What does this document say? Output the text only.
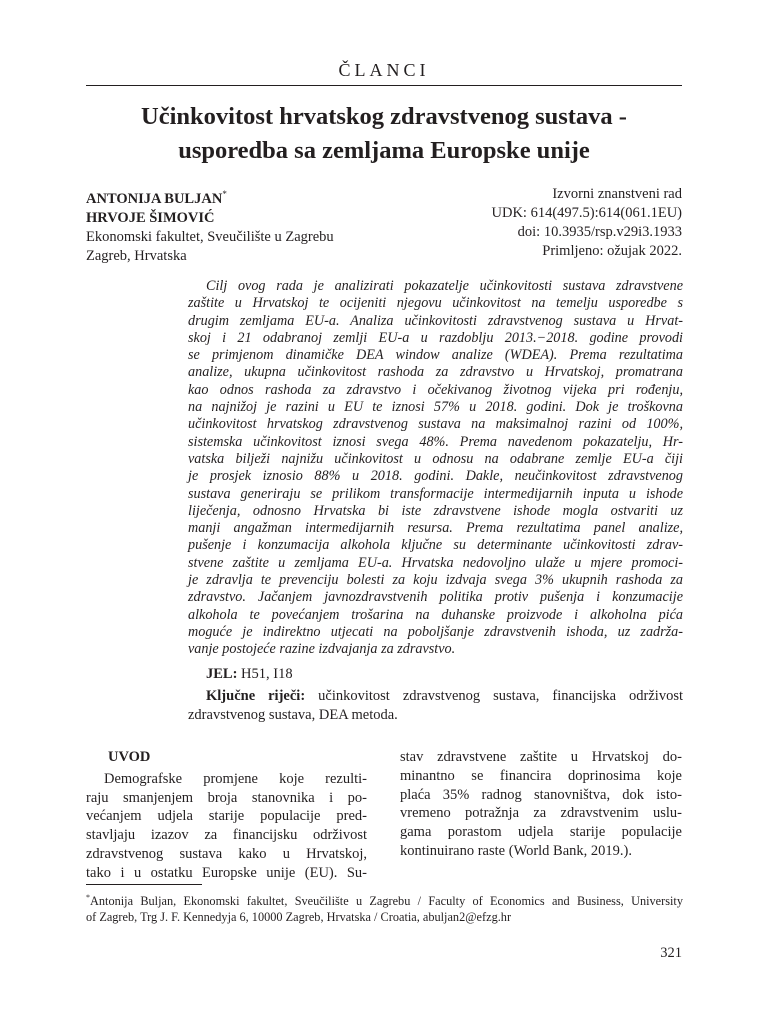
ČLANCI
Učinkovitost hrvatskog zdravstvenog sustava -
usporedba sa zemljama Europske unije
ANTONIJA BULJAN*
HRVOJE ŠIMOVIĆ
Ekonomski fakultet, Sveučilište u Zagrebu
Zagreb, Hrvatska
Izvorni znanstveni rad
UDK: 614(497.5):614(061.1EU)
doi: 10.3935/rsp.v29i3.1933
Primljeno: ožujak 2022.
Cilj ovog rada je analizirati pokazatelje učinkovitosti sustava zdravstvene
zaštite u Hrvatskoj te ocijeniti njegovu učinkovitost na temelju usporedbe s
drugim zemljama EU-a. Analiza učinkovitosti zdravstvenog sustava u Hrvat-
skoj i 21 odabranoj zemlji EU-a u razdoblju 2013.−2018. godine provodi
se primjenom dinamičke DEA window analize (WDEA). Prema rezultatima
analize, ukupna učinkovitost rashoda za zdravstvo u Hrvatskoj, promatrana
kao odnos rashoda za zdravstvo i očekivanog životnog vijeka pri rođenju,
na najnižoj je razini u EU te iznosi 57% u 2018. godini. Dok je troškovna
učinkovitost hrvatskog zdravstvenog sustava na maksimalnoj razini od 100%,
sistemska učinkovitost iznosi svega 48%. Prema navedenom pokazatelju, Hr-
vatska bilježi najnižu učinkovitost u odnosu na odabrane zemlje EU-a čiji
je prosjek iznosio 88% u 2018. godini. Dakle, neučinkovitost zdravstvenog
sustava generiraju se prilikom transformacije intermedijarnih inputa u ishode
liječenja, odnosno Hrvatska bi iste zdravstvene ishode mogla ostvariti uz
manji angažman intermedijarnih resursa. Prema rezultatima panel analize,
pušenje i konzumacija alkohola ključne su determinante učinkovitosti zdrav-
stvene zaštite u zemljama EU-a. Hrvatska nedovoljno ulaže u mjere promoci-
je zdravlja te prevenciju bolesti za koju izdvaja svega 3% ukupnih rashoda za
zdravstvo. Jačanjem javnozdravstvenih politika protiv pušenja i konzumacije
alkohola te povećanjem trošarina na duhanske proizvode i alkoholna pića
moguće je indirektno utjecati na poboljšanje zdravstvenih ishoda, uz zadrža-
vanje postojeće razine izdvajanja za zdravstvo.
JEL: H51, I18
Ključne riječi: učinkovitost zdravstvenog sustava, financijska održivost
zdravstvenog sustava, DEA metoda.
UVOD
Demografske promjene koje rezulti-
raju smanjenjem broja stanovnika i po-
većanjem udjela starije populacije pred-
stavljaju izazov za financijsku održivost
zdravstvenog sustava kako u Hrvatskoj,
tako i u ostatku Europske unije (EU). Su-
stav zdravstvene zaštite u Hrvatskoj do-
minantno se financira doprinosima koje
plaća 35% radnog stanovništva, dok isto-
vremeno potražnja za zdravstvenim uslu-
gama porastom udjela starije populacije
kontinuirano raste (World Bank, 2019.).
*Antonija Buljan, Ekonomski fakultet, Sveučilište u Zagrebu / Faculty of Economics and Business, University
of Zagreb, Trg J. F. Kennedyja 6, 10000 Zagreb, Hrvatska / Croatia, abuljan2@efzg.hr
321
